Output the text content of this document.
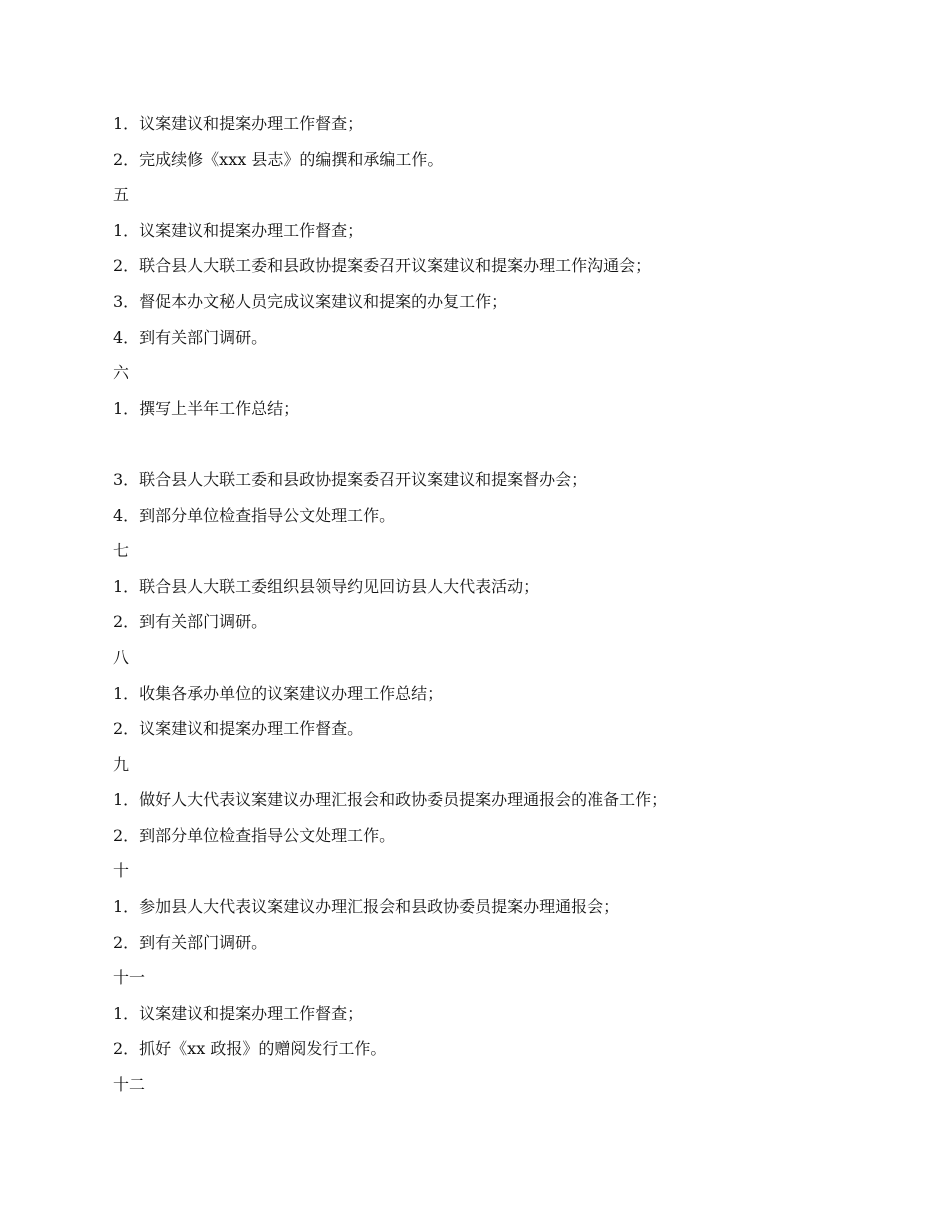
1．议案建议和提案办理工作督查；

2．完成续修《xxx 县志》的编撰和承编工作。

五

1．议案建议和提案办理工作督查；

2．联合县人大联工委和县政协提案委召开议案建议和提案办理工作沟通会；

3．督促本办文秘人员完成议案建议和提案的办复工作；

4．到有关部门调研。

六

1．撰写上半年工作总结；

3．联合县人大联工委和县政协提案委召开议案建议和提案督办会；

4．到部分单位检查指导公文处理工作。

七

1．联合县人大联工委组织县领导约见回访县人大代表活动；

2．到有关部门调研。

八

1．收集各承办单位的议案建议办理工作总结；

2．议案建议和提案办理工作督查。

九

1．做好人大代表议案建议办理汇报会和政协委员提案办理通报会的准备工作；

2．到部分单位检查指导公文处理工作。

十

1．参加县人大代表议案建议办理汇报会和县政协委员提案办理通报会；

2．到有关部门调研。

十一

1．议案建议和提案办理工作督查；

2．抓好《xx 政报》的赠阅发行工作。

十二
